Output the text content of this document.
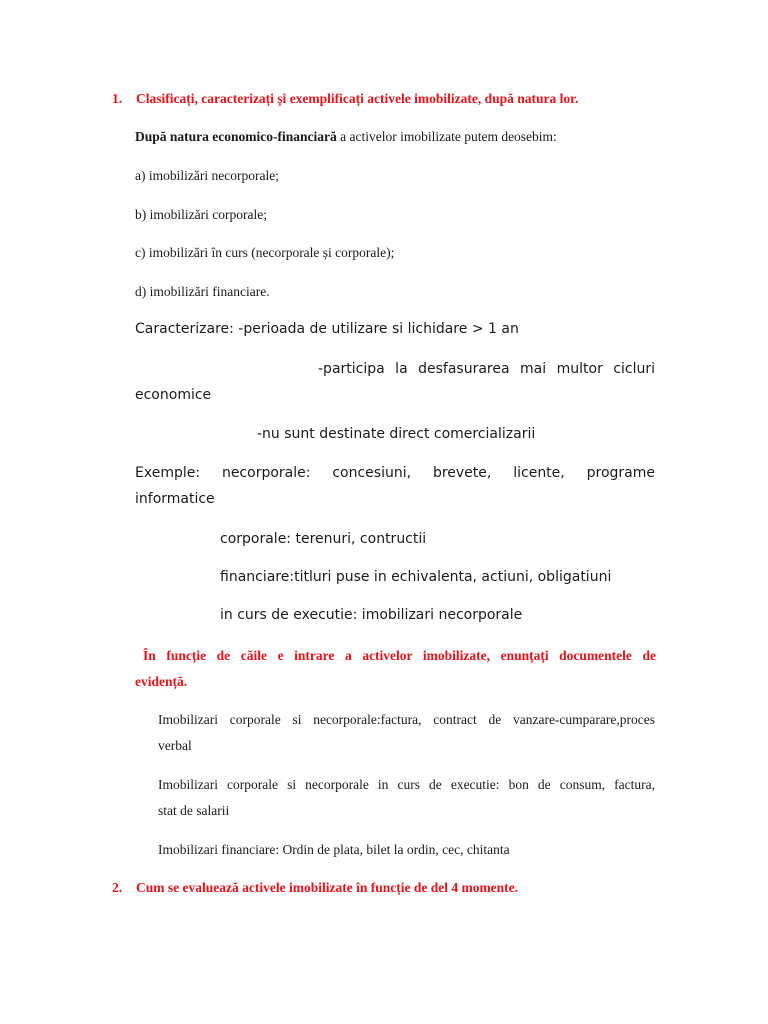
1. Clasificați, caracterizați și exemplificați activele imobilizate, după natura lor.
După natura economico-financiară a activelor imobilizate putem deosebim:
a) imobilizări necorporale;
b) imobilizări corporale;
c) imobilizări în curs (necorporale și corporale);
d) imobilizări financiare.
Caracterizare: -perioada de utilizare si lichidare > 1 an
-participa la desfasurarea mai multor cicluri
economice
-nu sunt destinate direct comercializarii
Exemple: necorporale: concesiuni, brevete, licente, programe
informatice
corporale: terenuri, contructii
financiare:titluri puse in echivalenta, actiuni, obligatiuni
in curs de executie: imobilizari necorporale
În funcție de căile e intrare a activelor imobilizate, enunțați documentele de
evidență.
Imobilizari corporale si necorporale:factura, contract de vanzare-cumparare,proces
verbal
Imobilizari corporale si necorporale in curs de executie: bon de consum, factura,
stat de salarii
Imobilizari financiare: Ordin de plata, bilet la ordin, cec, chitanta
2. Cum se evaluează activele imobilizate în funcție de del 4 momente.
